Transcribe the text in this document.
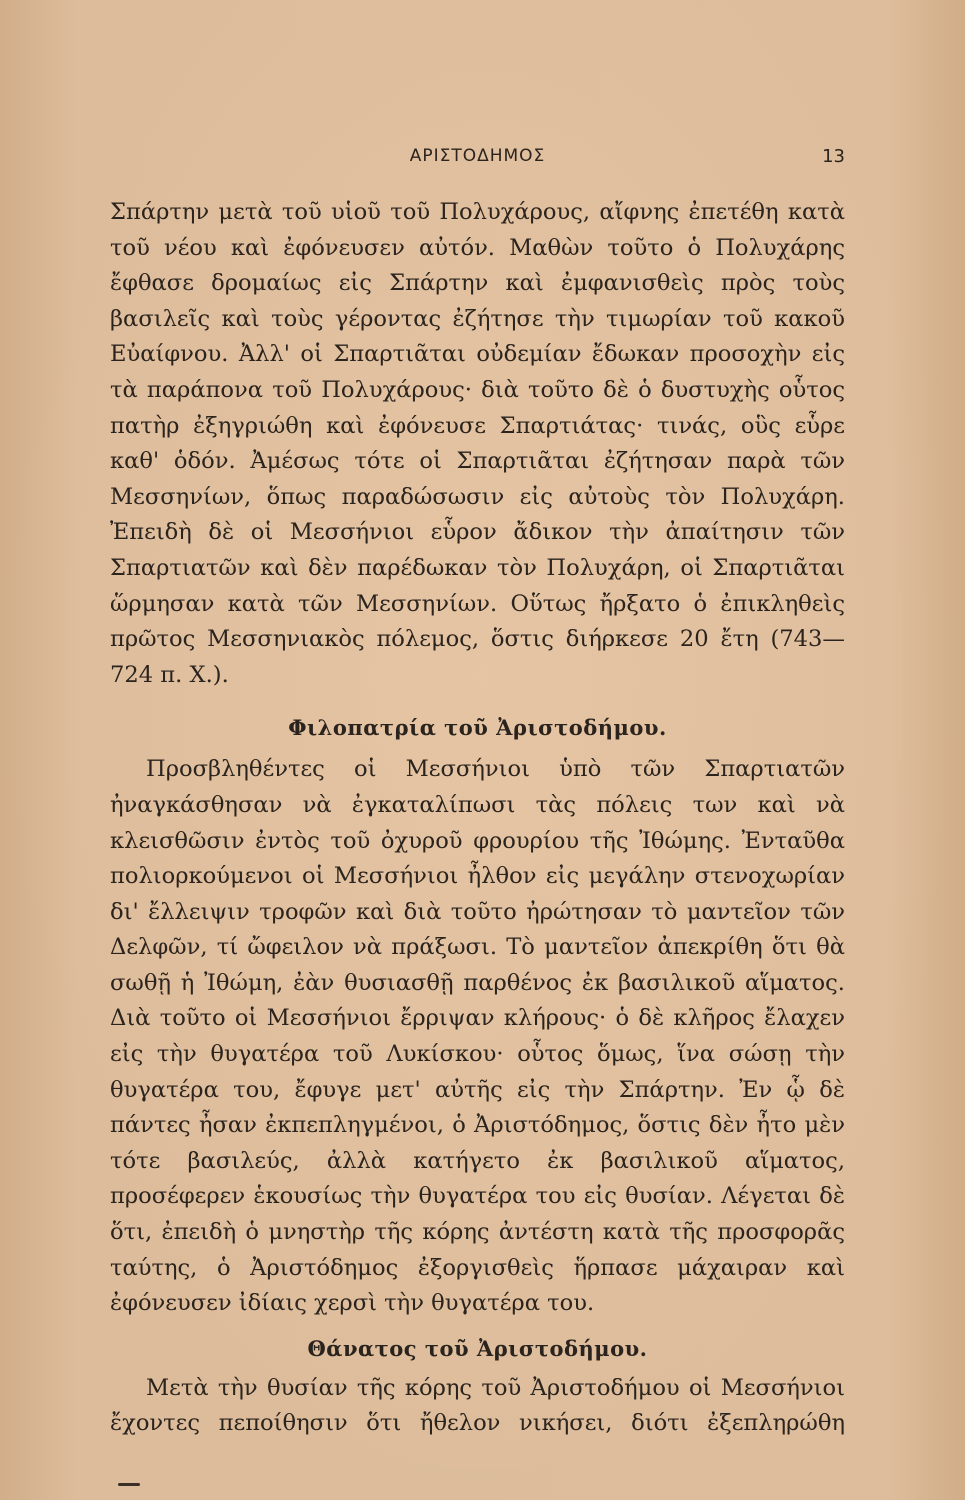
ΑΡΙΣΤΟΔΗΜΟΣ	13

Σπάρτην μετὰ τοῦ υἱοῦ τοῦ Πολυχάρους, αἴφνης ἐπετέθη κατὰ τοῦ νέου καὶ ἐφόνευσεν αὐτόν. Μαθὼν τοῦτο ὁ Πολυχάρης ἔφθασε δρομαίως εἰς Σπάρτην καὶ ἐμφανισθεὶς πρὸς τοὺς βασιλεῖς καὶ τοὺς γέροντας ἐζήτησε τὴν τιμωρίαν τοῦ κακοῦ Εὐαίφνου. Ἀλλ' οἱ Σπαρτιᾶται οὐδεμίαν ἔδωκαν προσοχὴν εἰς τὰ παράπονα τοῦ Πολυχάρους· διὰ τοῦτο δὲ ὁ δυστυχὴς οὗτος πατὴρ ἐξηγριώθη καὶ ἐφόνευσε Σπαρτιάτας· τινάς, οὓς εὗρε καθ' ὁδόν. Ἀμέσως τότε οἱ Σπαρτιᾶται ἐζήτησαν παρὰ τῶν Μεσσηνίων, ὅπως παραδώσωσιν εἰς αὐτοὺς τὸν Πολυχάρη. Ἐπειδὴ δὲ οἱ Μεσσήνιοι εὗρον ἄδικον τὴν ἀπαίτησιν τῶν Σπαρτιατῶν καὶ δὲν παρέδωκαν τὸν Πολυχάρη, οἱ Σπαρτιᾶται ὥρμησαν κατὰ τῶν Μεσσηνίων. Οὕτως ἤρξατο ὁ ἐπικληθεὶς πρῶτος Μεσσηνιακὸς πόλεμος, ὅστις διήρκεσε 20 ἔτη (743—724 π. Χ.).

Φιλοπατρία τοῦ Ἀριστοδήμου.

Προσβληθέντες οἱ Μεσσήνιοι ὑπὸ τῶν Σπαρτιατῶν ἠναγκάσθησαν νὰ ἐγκαταλίπωσι τὰς πόλεις των καὶ νὰ κλεισθῶσιν ἐντὸς τοῦ ὀχυροῦ φρουρίου τῆς Ἰθώμης. Ἐνταῦθα πολιορκούμενοι οἱ Μεσσήνιοι ἦλθον εἰς μεγάλην στενοχωρίαν δι' ἔλλειψιν τροφῶν καὶ διὰ τοῦτο ἠρώτησαν τὸ μαντεῖον τῶν Δελφῶν, τί ὤφειλον νὰ πράξωσι. Τὸ μαντεῖον ἀπεκρίθη ὅτι θὰ σωθῇ ἡ Ἰθώμη, ἐὰν θυσιασθῇ παρθένος ἐκ βασιλικοῦ αἵματος. Διὰ τοῦτο οἱ Μεσσήνιοι ἔρριψαν κλήρους· ὁ δὲ κλῆρος ἔλαχεν εἰς τὴν θυγατέρα τοῦ Λυκίσκου· οὗτος ὅμως, ἵνα σώσῃ τὴν θυγατέρα του, ἔφυγε μετ' αὐτῆς εἰς τὴν Σπάρτην. Ἐν ᾧ δὲ πάντες ἦσαν ἐκπεπληγμένοι, ὁ Ἀριστόδημος, ὅστις δὲν ἦτο μὲν τότε βασιλεύς, ἀλλὰ κατήγετο ἐκ βασιλικοῦ αἵματος, προσέφερεν ἑκουσίως τὴν θυγατέρα του εἰς θυσίαν. Λέγεται δὲ ὅτι, ἐπειδὴ ὁ μνηστὴρ τῆς κόρης ἀντέστη κατὰ τῆς προσφορᾶς ταύτης, ὁ Ἀριστόδημος ἐξοργισθεὶς ἥρπασε μάχαιραν καὶ ἐφόνευσεν ἰδίαις χερσὶ τὴν θυγατέρα του.

Θάνατος τοῦ Ἀριστοδήμου.

Μετὰ τὴν θυσίαν τῆς κόρης τοῦ Ἀριστοδήμου οἱ Μεσσήνιοι ἔχοντες πεποίθησιν ὅτι ἤθελον νικήσει, διότι ἐξεπληρώθη
